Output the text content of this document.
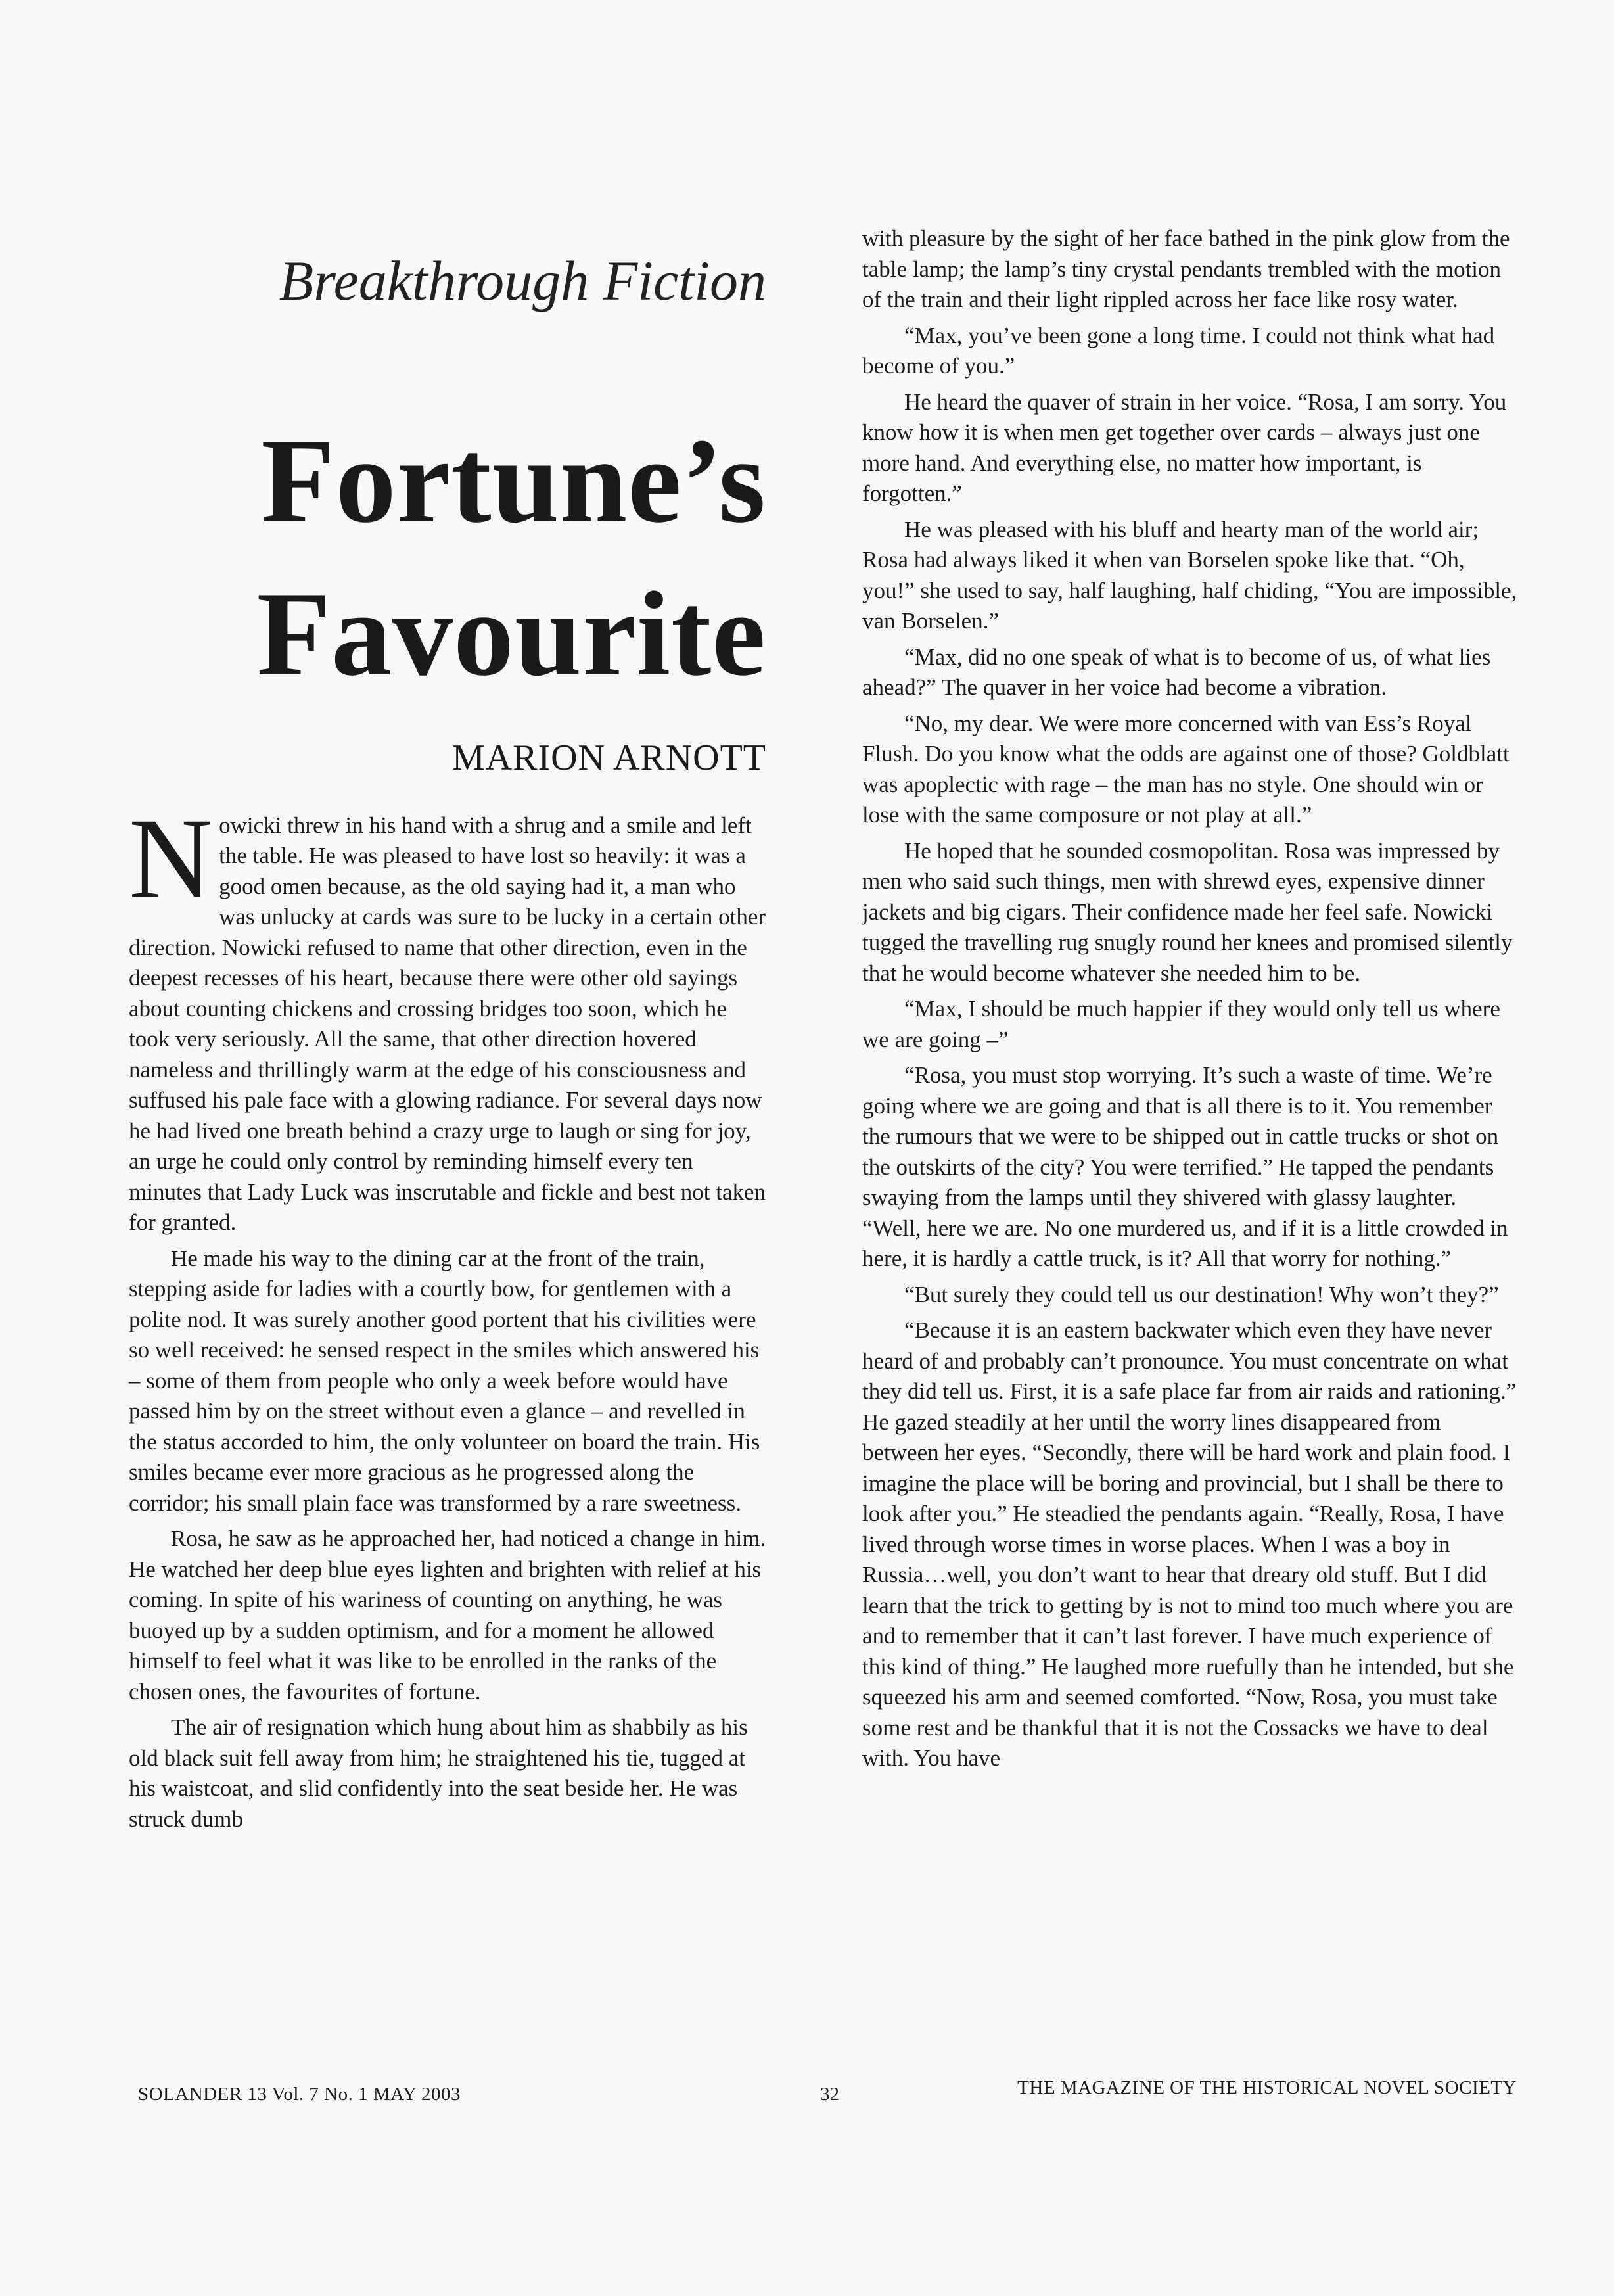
Breakthrough Fiction
Fortune’s
Favourite
MARION ARNOTT

Nowicki threw in his hand with a shrug and a smile and left the table. He was pleased to have lost so heavily: it was a good omen because, as the old saying had it, a man who was unlucky at cards was sure to be lucky in a certain other direction. Nowicki refused to name that other direction, even in the deepest recesses of his heart, because there were other old sayings about counting chickens and crossing bridges too soon, which he took very seriously. All the same, that other direction hovered nameless and thrillingly warm at the edge of his consciousness and suffused his pale face with a glowing radiance. For several days now he had lived one breath behind a crazy urge to laugh or sing for joy, an urge he could only control by reminding himself every ten minutes that Lady Luck was inscrutable and fickle and best not taken for granted.

He made his way to the dining car at the front of the train, stepping aside for ladies with a courtly bow, for gentlemen with a polite nod. It was surely another good portent that his civilities were so well received: he sensed respect in the smiles which answered his – some of them from people who only a week before would have passed him by on the street without even a glance – and revelled in the status accorded to him, the only volunteer on board the train. His smiles became ever more gracious as he progressed along the corridor; his small plain face was transformed by a rare sweetness.

Rosa, he saw as he approached her, had noticed a change in him. He watched her deep blue eyes lighten and brighten with relief at his coming. In spite of his wariness of counting on anything, he was buoyed up by a sudden optimism, and for a moment he allowed himself to feel what it was like to be enrolled in the ranks of the chosen ones, the favourites of fortune.

The air of resignation which hung about him as shabbily as his old black suit fell away from him; he straightened his tie, tugged at his waistcoat, and slid confidently into the seat beside her. He was struck dumb

with pleasure by the sight of her face bathed in the pink glow from the table lamp; the lamp’s tiny crystal pendants trembled with the motion of the train and their light rippled across her face like rosy water.

“Max, you’ve been gone a long time. I could not think what had become of you.”

He heard the quaver of strain in her voice. “Rosa, I am sorry. You know how it is when men get together over cards – always just one more hand. And everything else, no matter how important, is forgotten.”

He was pleased with his bluff and hearty man of the world air; Rosa had always liked it when van Borselen spoke like that. “Oh, you!” she used to say, half laughing, half chiding, “You are impossible, van Borselen.”

“Max, did no one speak of what is to become of us, of what lies ahead?” The quaver in her voice had become a vibration.

“No, my dear. We were more concerned with van Ess’s Royal Flush. Do you know what the odds are against one of those? Goldblatt was apoplectic with rage – the man has no style. One should win or lose with the same composure or not play at all.”

He hoped that he sounded cosmopolitan. Rosa was impressed by men who said such things, men with shrewd eyes, expensive dinner jackets and big cigars. Their confidence made her feel safe. Nowicki tugged the travelling rug snugly round her knees and promised silently that he would become whatever she needed him to be.

“Max, I should be much happier if they would only tell us where we are going –”

“Rosa, you must stop worrying. It’s such a waste of time. We’re going where we are going and that is all there is to it. You remember the rumours that we were to be shipped out in cattle trucks or shot on the outskirts of the city? You were terrified.” He tapped the pendants swaying from the lamps until they shivered with glassy laughter. “Well, here we are. No one murdered us, and if it is a little crowded in here, it is hardly a cattle truck, is it? All that worry for nothing.”

“But surely they could tell us our destination! Why won’t they?”

“Because it is an eastern backwater which even they have never heard of and probably can’t pronounce. You must concentrate on what they did tell us. First, it is a safe place far from air raids and rationing.” He gazed steadily at her until the worry lines disappeared from between her eyes. “Secondly, there will be hard work and plain food. I imagine the place will be boring and provincial, but I shall be there to look after you.” He steadied the pendants again. “Really, Rosa, I have lived through worse times in worse places. When I was a boy in Russia…well, you don’t want to hear that dreary old stuff. But I did learn that the trick to getting by is not to mind too much where you are and to remember that it can’t last forever. I have much experience of this kind of thing.” He laughed more ruefully than he intended, but she squeezed his arm and seemed comforted. “Now, Rosa, you must take some rest and be thankful that it is not the Cossacks we have to deal with. You have

SOLANDER 13 Vol. 7 No. 1 MAY 2003	32	THE MAGAZINE OF THE HISTORICAL NOVEL SOCIETY
